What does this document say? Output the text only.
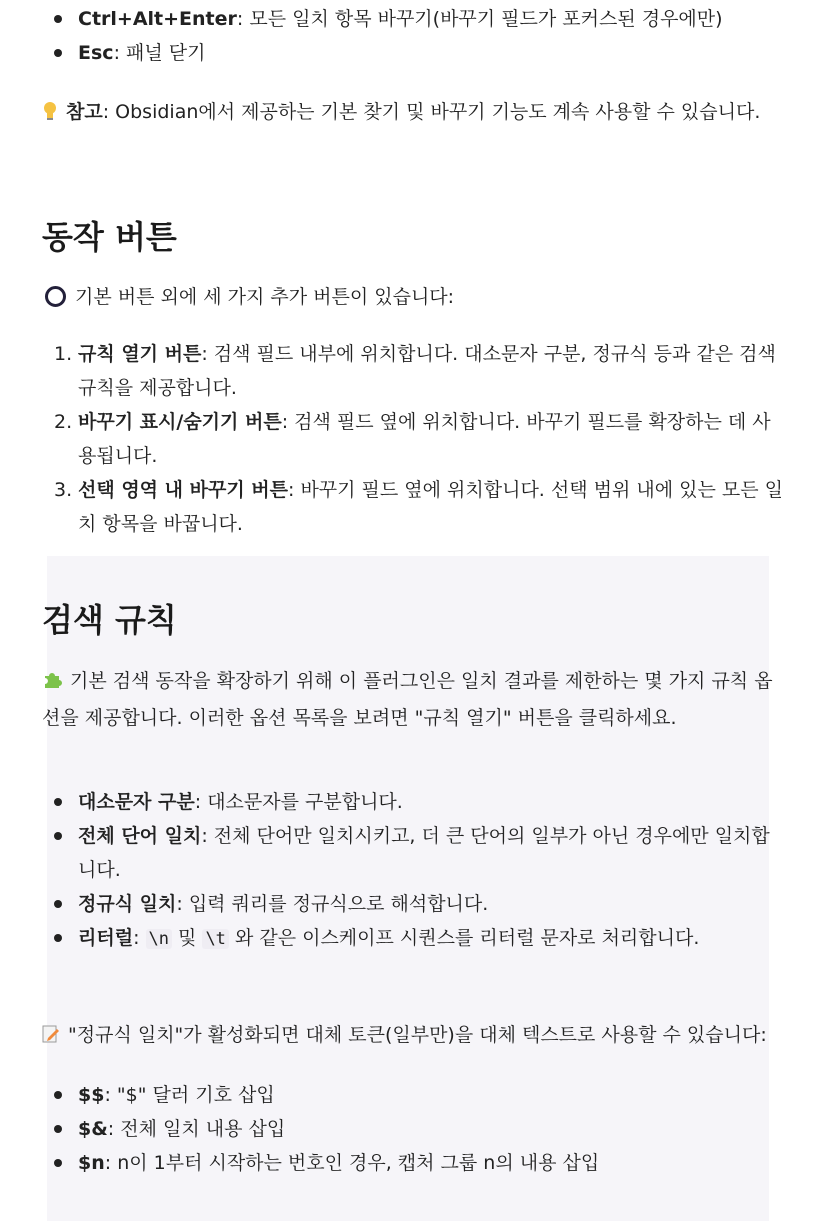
Ctrl+Alt+Enter: 모든 일치 항목 바꾸기(바꾸기 필드가 포커스된 경우에만)
Esc: 패널 닫기

참고: Obsidian에서 제공하는 기본 찾기 및 바꾸기 기능도 계속 사용할 수 있습니다.

동작 버튼

기본 버튼 외에 세 가지 추가 버튼이 있습니다:

1. 규칙 열기 버튼: 검색 필드 내부에 위치합니다. 대소문자 구분, 정규식 등과 같은 검색 규칙을 제공합니다.
2. 바꾸기 표시/숨기기 버튼: 검색 필드 옆에 위치합니다. 바꾸기 필드를 확장하는 데 사용됩니다.
3. 선택 영역 내 바꾸기 버튼: 바꾸기 필드 옆에 위치합니다. 선택 범위 내에 있는 모든 일치 항목을 바꿉니다.
검색 규칙

기본 검색 동작을 확장하기 위해 이 플러그인은 일치 결과를 제한하는 몇 가지 규칙 옵션을 제공합니다. 이러한 옵션 목록을 보려면 "규칙 열기" 버튼을 클릭하세요.

대소문자 구분: 대소문자를 구분합니다.
전체 단어 일치: 전체 단어만 일치시키고, 더 큰 단어의 일부가 아닌 경우에만 일치합니다.
정규식 일치: 입력 쿼리를 정규식으로 해석합니다.
리터럴: \n 및 \t 와 같은 이스케이프 시퀀스를 리터럴 문자로 처리합니다.

"정규식 일치"가 활성화되면 대체 토큰(일부만)을 대체 텍스트로 사용할 수 있습니다:

$$: "$" 달러 기호 삽입
$&: 전체 일치 내용 삽입
$n: n이 1부터 시작하는 번호인 경우, 캡처 그룹 n의 내용 삽입
